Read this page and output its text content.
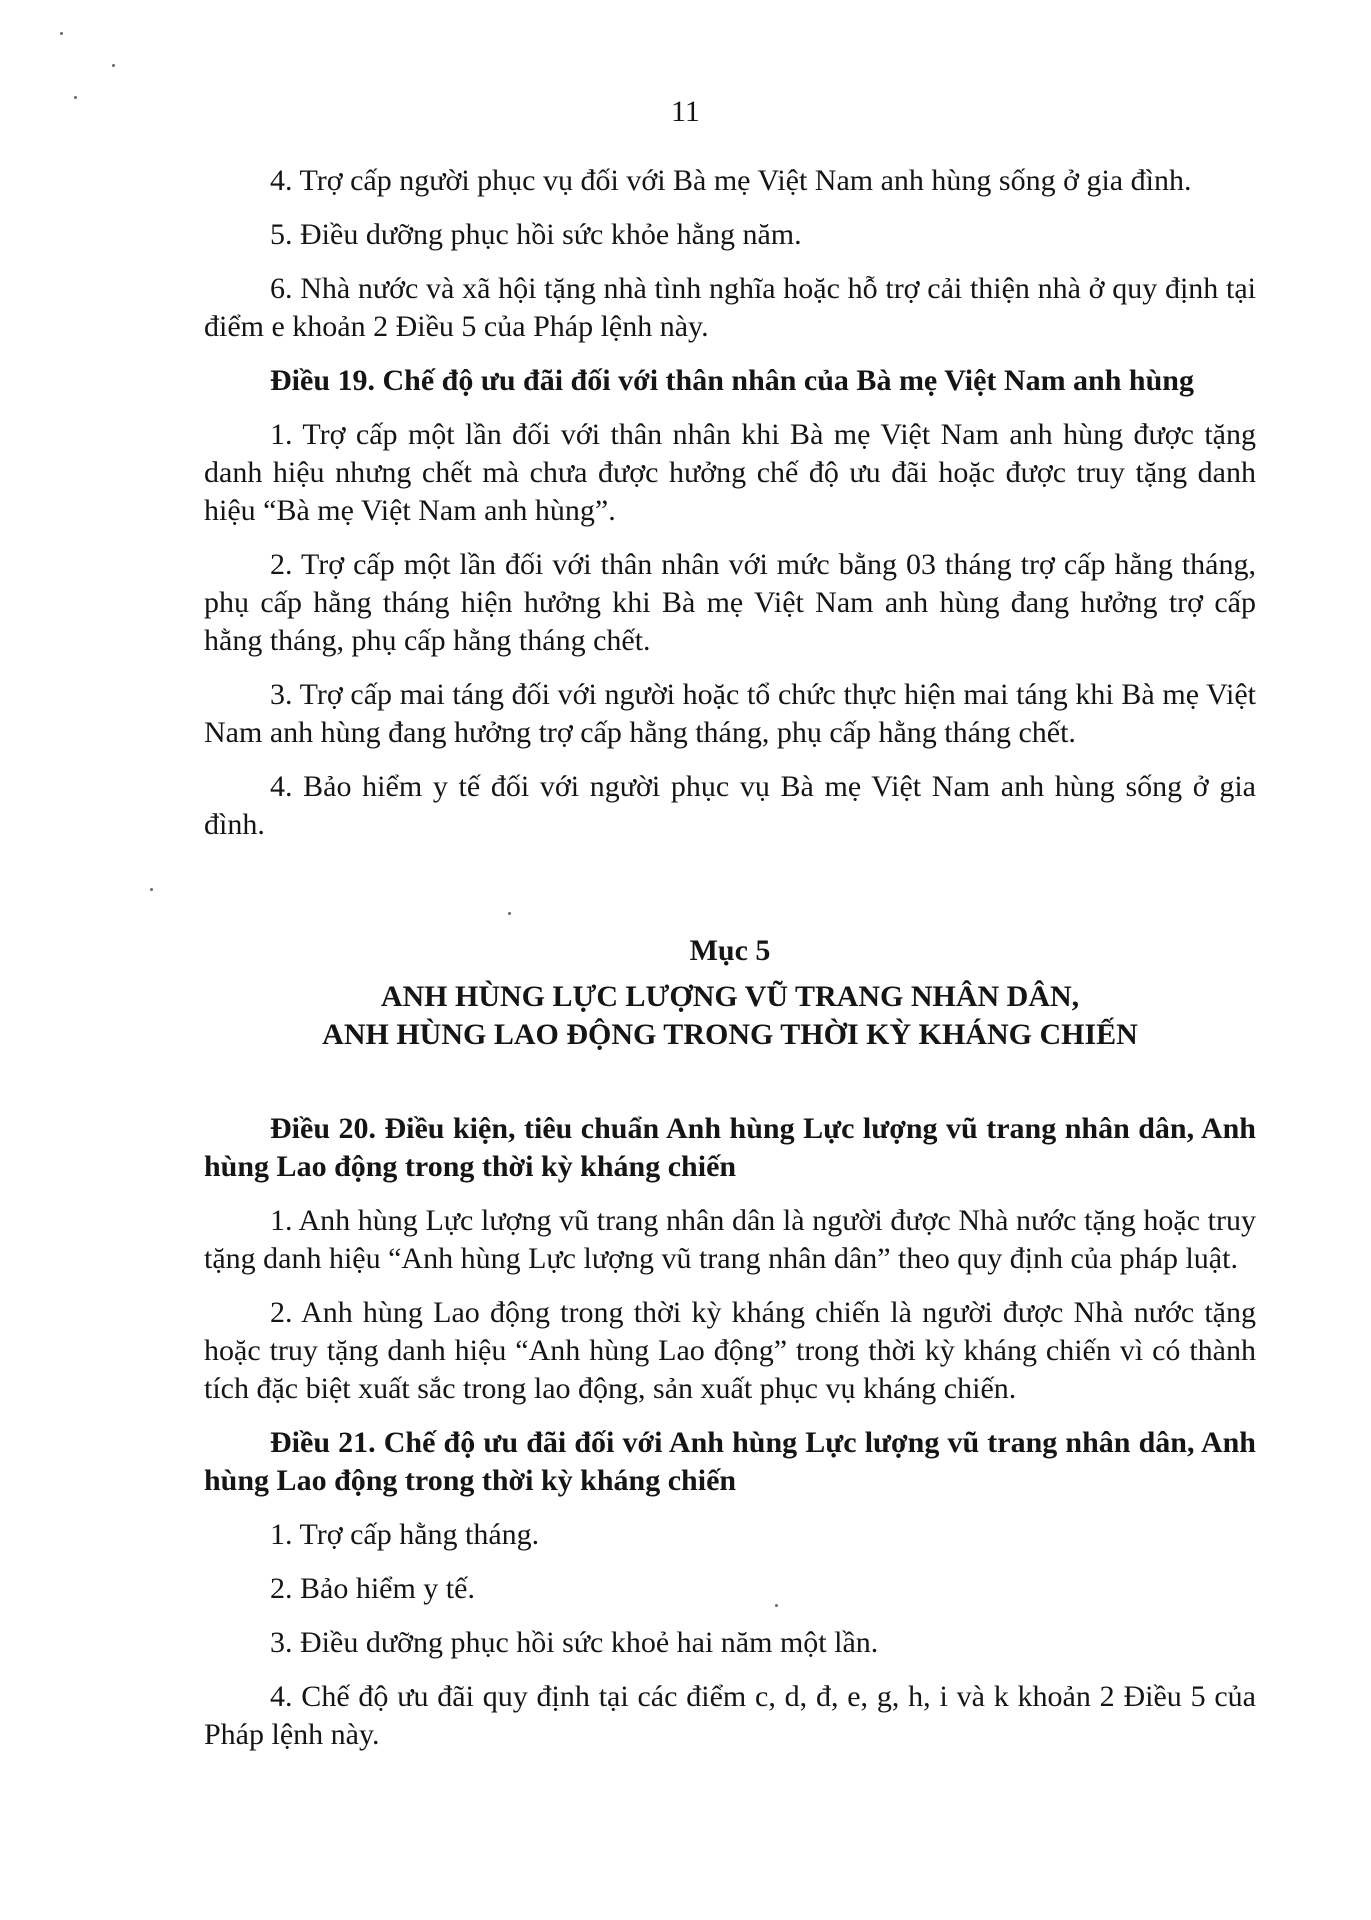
11

4. Trợ cấp người phục vụ đối với Bà mẹ Việt Nam anh hùng sống ở gia đình.

5. Điều dưỡng phục hồi sức khỏe hằng năm.

6. Nhà nước và xã hội tặng nhà tình nghĩa hoặc hỗ trợ cải thiện nhà ở quy định tại điểm e khoản 2 Điều 5 của Pháp lệnh này.

Điều 19. Chế độ ưu đãi đối với thân nhân của Bà mẹ Việt Nam anh hùng

1. Trợ cấp một lần đối với thân nhân khi Bà mẹ Việt Nam anh hùng được tặng danh hiệu nhưng chết mà chưa được hưởng chế độ ưu đãi hoặc được truy tặng danh hiệu “Bà mẹ Việt Nam anh hùng”.

2. Trợ cấp một lần đối với thân nhân với mức bằng 03 tháng trợ cấp hằng tháng, phụ cấp hằng tháng hiện hưởng khi Bà mẹ Việt Nam anh hùng đang hưởng trợ cấp hằng tháng, phụ cấp hằng tháng chết.

3. Trợ cấp mai táng đối với người hoặc tổ chức thực hiện mai táng khi Bà mẹ Việt Nam anh hùng đang hưởng trợ cấp hằng tháng, phụ cấp hằng tháng chết.

4. Bảo hiểm y tế đối với người phục vụ Bà mẹ Việt Nam anh hùng sống ở gia đình.

Mục 5

ANH HÙNG LỰC LƯỢNG VŨ TRANG NHÂN DÂN,

ANH HÙNG LAO ĐỘNG TRONG THỜI KỲ KHÁNG CHIẾN

Điều 20. Điều kiện, tiêu chuẩn Anh hùng Lực lượng vũ trang nhân dân, Anh hùng Lao động trong thời kỳ kháng chiến

1. Anh hùng Lực lượng vũ trang nhân dân là người được Nhà nước tặng hoặc truy tặng danh hiệu “Anh hùng Lực lượng vũ trang nhân dân” theo quy định của pháp luật.

2. Anh hùng Lao động trong thời kỳ kháng chiến là người được Nhà nước tặng hoặc truy tặng danh hiệu “Anh hùng Lao động” trong thời kỳ kháng chiến vì có thành tích đặc biệt xuất sắc trong lao động, sản xuất phục vụ kháng chiến.

Điều 21. Chế độ ưu đãi đối với Anh hùng Lực lượng vũ trang nhân dân, Anh hùng Lao động trong thời kỳ kháng chiến

1. Trợ cấp hằng tháng.

2. Bảo hiểm y tế.

3. Điều dưỡng phục hồi sức khoẻ hai năm một lần.

4. Chế độ ưu đãi quy định tại các điểm c, d, đ, e, g, h, i và k khoản 2 Điều 5 của Pháp lệnh này.
